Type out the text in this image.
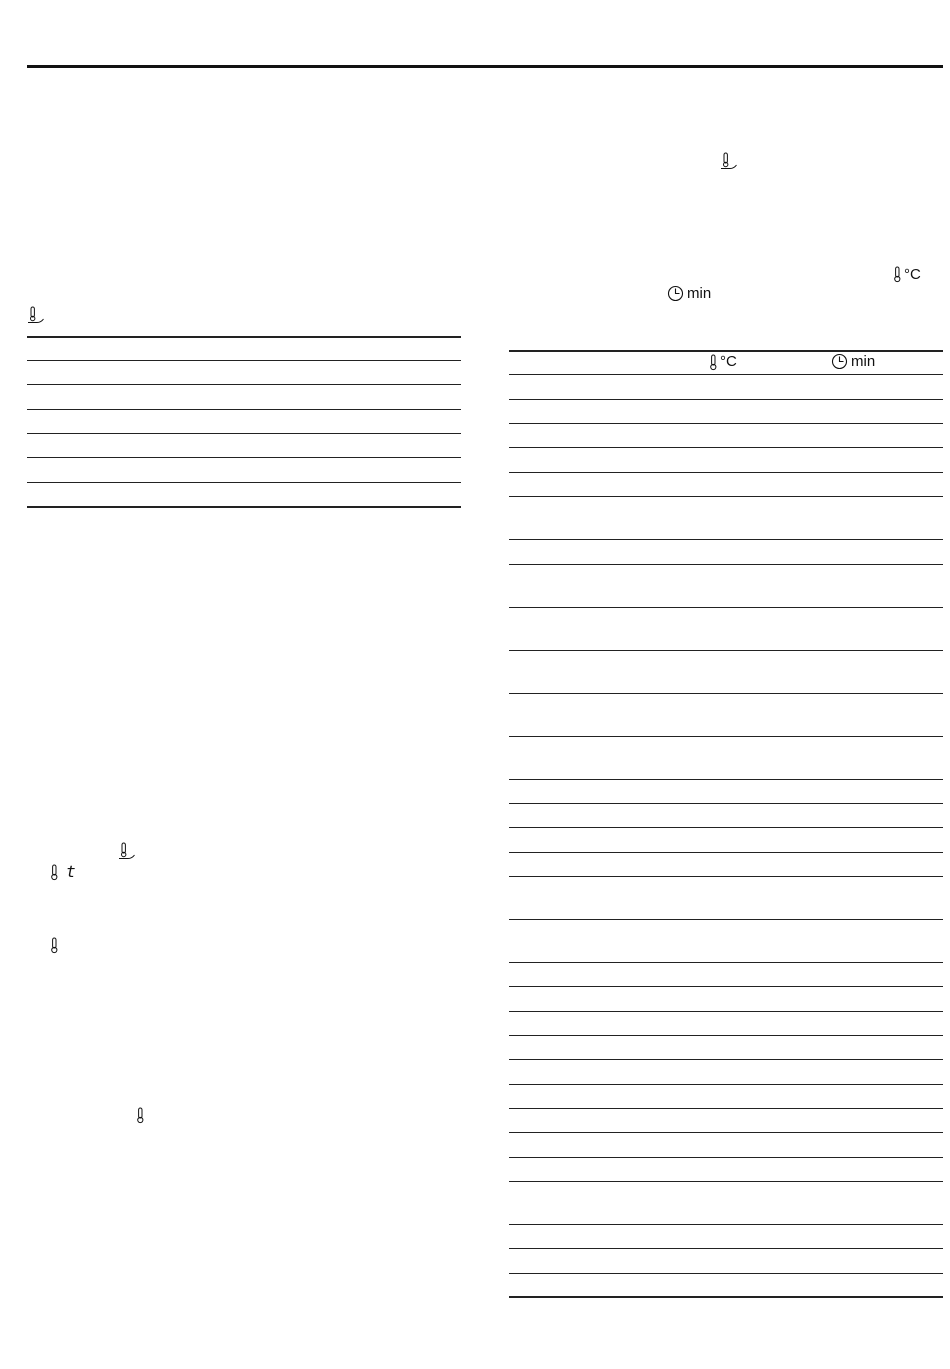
°C
min
t
°C	min
